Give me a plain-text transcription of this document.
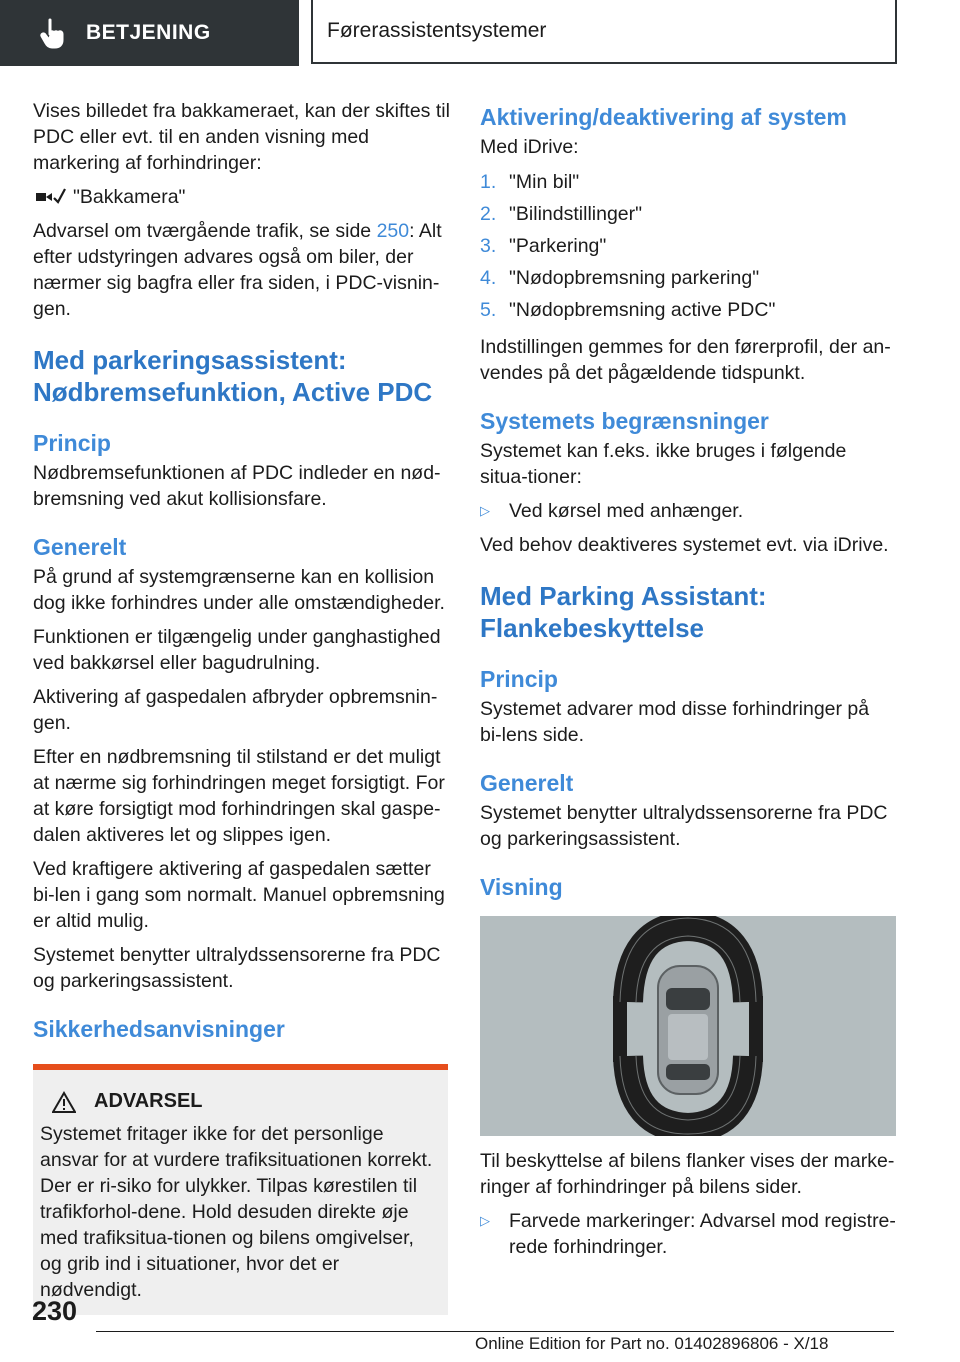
BETJENING	Førerassistentsystemer

Vises billedet fra bakkameraet, kan der skiftes til PDC eller evt. til en anden visning med markering af forhindringer:

"Bakkamera"

Advarsel om tværgående trafik, se side 250: Alt efter udstyringen advares også om biler, der nærmer sig bagfra eller fra siden, i PDC-visnin-gen.

Med parkeringsassistent: Nødbremsefunktion, Active PDC
Princip

Nødbremsefunktionen af PDC indleder en nød-bremsning ved akut kollisionsfare.

Generelt

På grund af systemgrænserne kan en kollision dog ikke forhindres under alle omstændigheder.

Funktionen er tilgængelig under ganghastighed ved bakkørsel eller bagudrulning.

Aktivering af gaspedalen afbryder opbremsnin-gen.

Efter en nødbremsning til stilstand er det muligt at nærme sig forhindringen meget forsigtigt. For at køre forsigtigt mod forhindringen skal gaspe-dalen aktiveres let og slippes igen.

Ved kraftigere aktivering af gaspedalen sætter bi-len i gang som normalt. Manuel opbremsning er altid mulig.

Systemet benytter ultralydssensorerne fra PDC og parkeringsassistent.

Sikkerhedsanvisninger
ADVARSEL

Systemet fritager ikke for det personlige ansvar for at vurdere trafiksituationen korrekt. Der er ri-siko for ulykker. Tilpas kørestilen til trafikforhol-dene. Hold desuden direkte øje med trafiksitua-tionen og bilens omgivelser, og grib ind i situationer, hvor det er nødvendigt.

Aktivering/deaktivering af system

Med iDrive:

1. "Min bil"
2. "Bilindstillinger"
3. "Parkering"
4. "Nødopbremsning parkering"
5. "Nødopbremsning active PDC"

Indstillingen gemmes for den førerprofil, der an-vendes på det pågældende tidspunkt.

Systemets begrænsninger

Systemet kan f.eks. ikke bruges i følgende situa-tioner:

▷ Ved kørsel med anhænger.

Ved behov deaktiveres systemet evt. via iDrive.

Med Parking Assistant: Flankebeskyttelse
Princip

Systemet advarer mod disse forhindringer på bi-lens side.

Generelt

Systemet benytter ultralydssensorerne fra PDC og parkeringsassistent.

Visning

Til beskyttelse af bilens flanker vises der marke-ringer af forhindringer på bilens sider.

▷ Farvede markeringer: Advarsel mod registre-rede forhindringer.
230
Online Edition for Part no. 01402896806 - X/18
